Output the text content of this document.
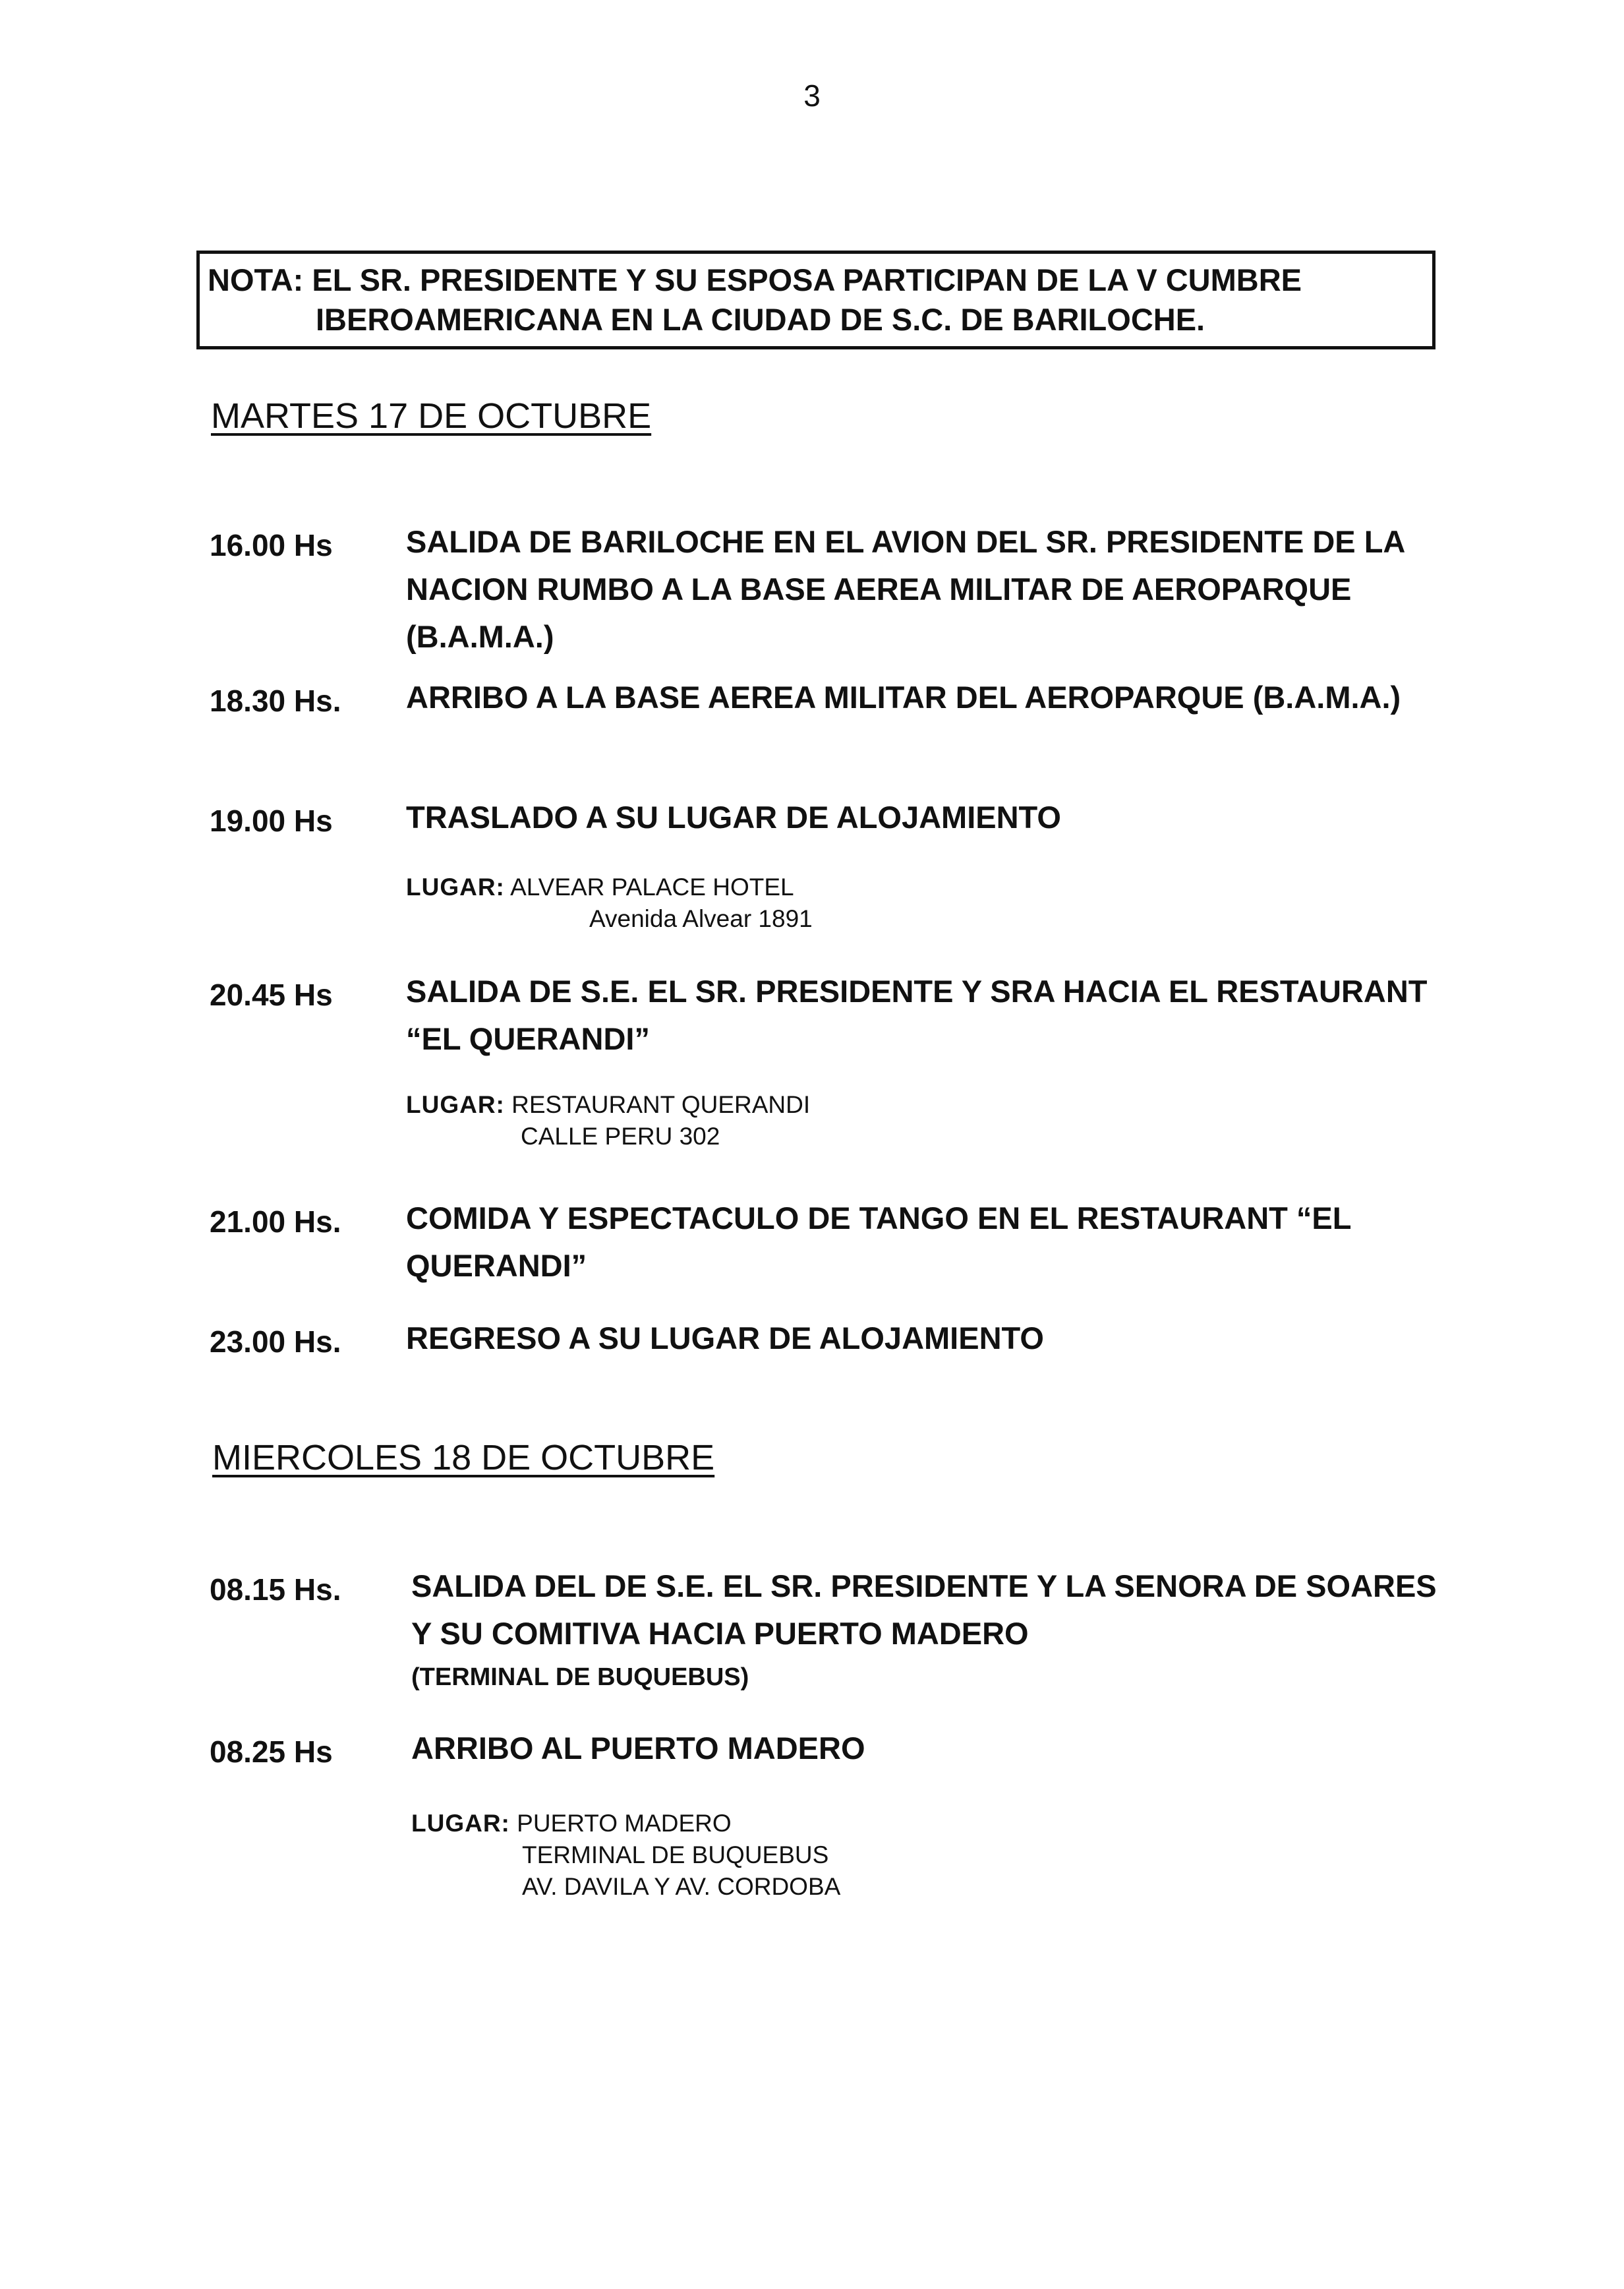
3
NOTA: EL SR. PRESIDENTE Y SU ESPOSA PARTICIPAN DE LA V CUMBRE
IBEROAMERICANA EN LA CIUDAD DE S.C. DE BARILOCHE.
MARTES 17 DE OCTUBRE
16.00 Hs SALIDA DE BARILOCHE EN EL AVION DEL SR. PRESIDENTE DE LA NACION RUMBO A LA BASE AEREA MILITAR DE AEROPARQUE (B.A.M.A.)
18.30 Hs. ARRIBO A LA BASE AEREA MILITAR DEL AEROPARQUE (B.A.M.A.)
19.00 Hs TRASLADO A SU LUGAR DE ALOJAMIENTO
LUGAR: ALVEAR PALACE HOTEL
Avenida Alvear 1891
20.45 Hs SALIDA DE S.E. EL SR. PRESIDENTE Y SRA HACIA EL RESTAURANT “EL QUERANDI”
LUGAR: RESTAURANT QUERANDI
CALLE PERU 302
21.00 Hs. COMIDA Y ESPECTACULO DE TANGO EN EL RESTAURANT “EL QUERANDI”
23.00 Hs. REGRESO A SU LUGAR DE ALOJAMIENTO
MIERCOLES 18 DE OCTUBRE
08.15 Hs. SALIDA DEL DE S.E. EL SR. PRESIDENTE Y LA SENORA DE SOARES Y SU COMITIVA HACIA PUERTO MADERO
(TERMINAL DE BUQUEBUS)
08.25 Hs	ARRIBO AL PUERTO MADERO
LUGAR: PUERTO MADERO
TERMINAL DE BUQUEBUS
AV. DAVILA Y AV. CORDOBA
